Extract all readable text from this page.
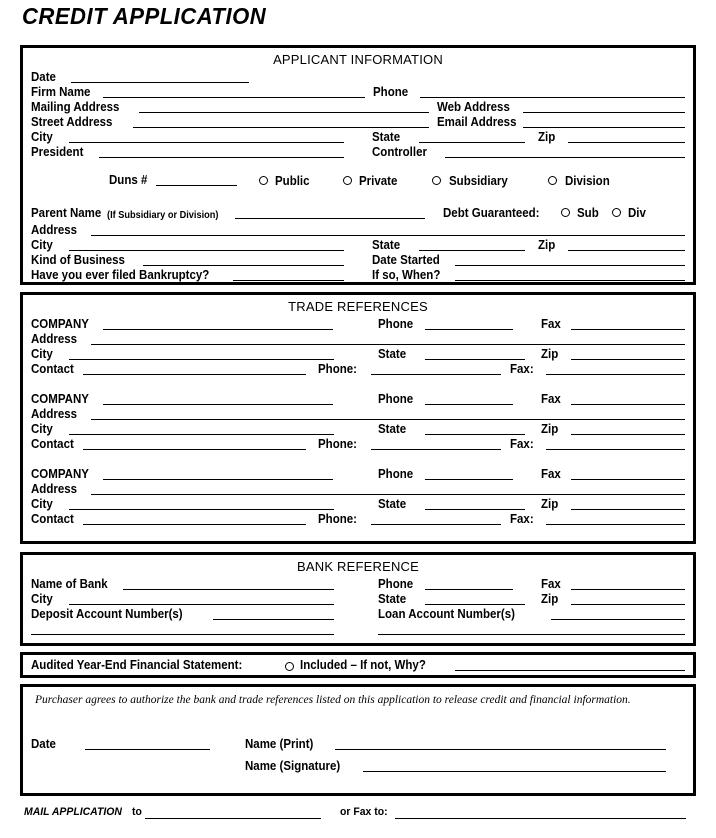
CREDIT APPLICATION
APPLICANT INFORMATION
Date
Firm Name	Phone
Mailing Address	Web Address
Street Address	Email Address
City	State	Zip
President	Controller
Duns #	Public	Private	Subsidiary	Division
Parent Name (If Subsidiary or Division)	Debt Guaranteed:	Sub Div
Address
City	State	Zip
Kind of Business	Date Started
Have you ever filed Bankruptcy?	If so, When?
TRADE REFERENCES
COMPANY	Phone	Fax
Address
City	State	Zip
Contact	Phone:	Fax:
COMPANY	Phone	Fax
Address
City	State	Zip
Contact	Phone:	Fax:
COMPANY	Phone	Fax
Address
City	State	Zip
Contact	Phone:	Fax:
BANK REFERENCE
Name of Bank	Phone	Fax
City	State	Zip
Deposit Account Number(s)	Loan Account Number(s)
Audited Year-End Financial Statement:	Included – If not, Why?
Purchaser agrees to authorize the bank and trade references listed on this application to release credit and financial information.
Date	Name (Print)
Name (Signature)
MAIL APPLICATION to	or Fax to:
